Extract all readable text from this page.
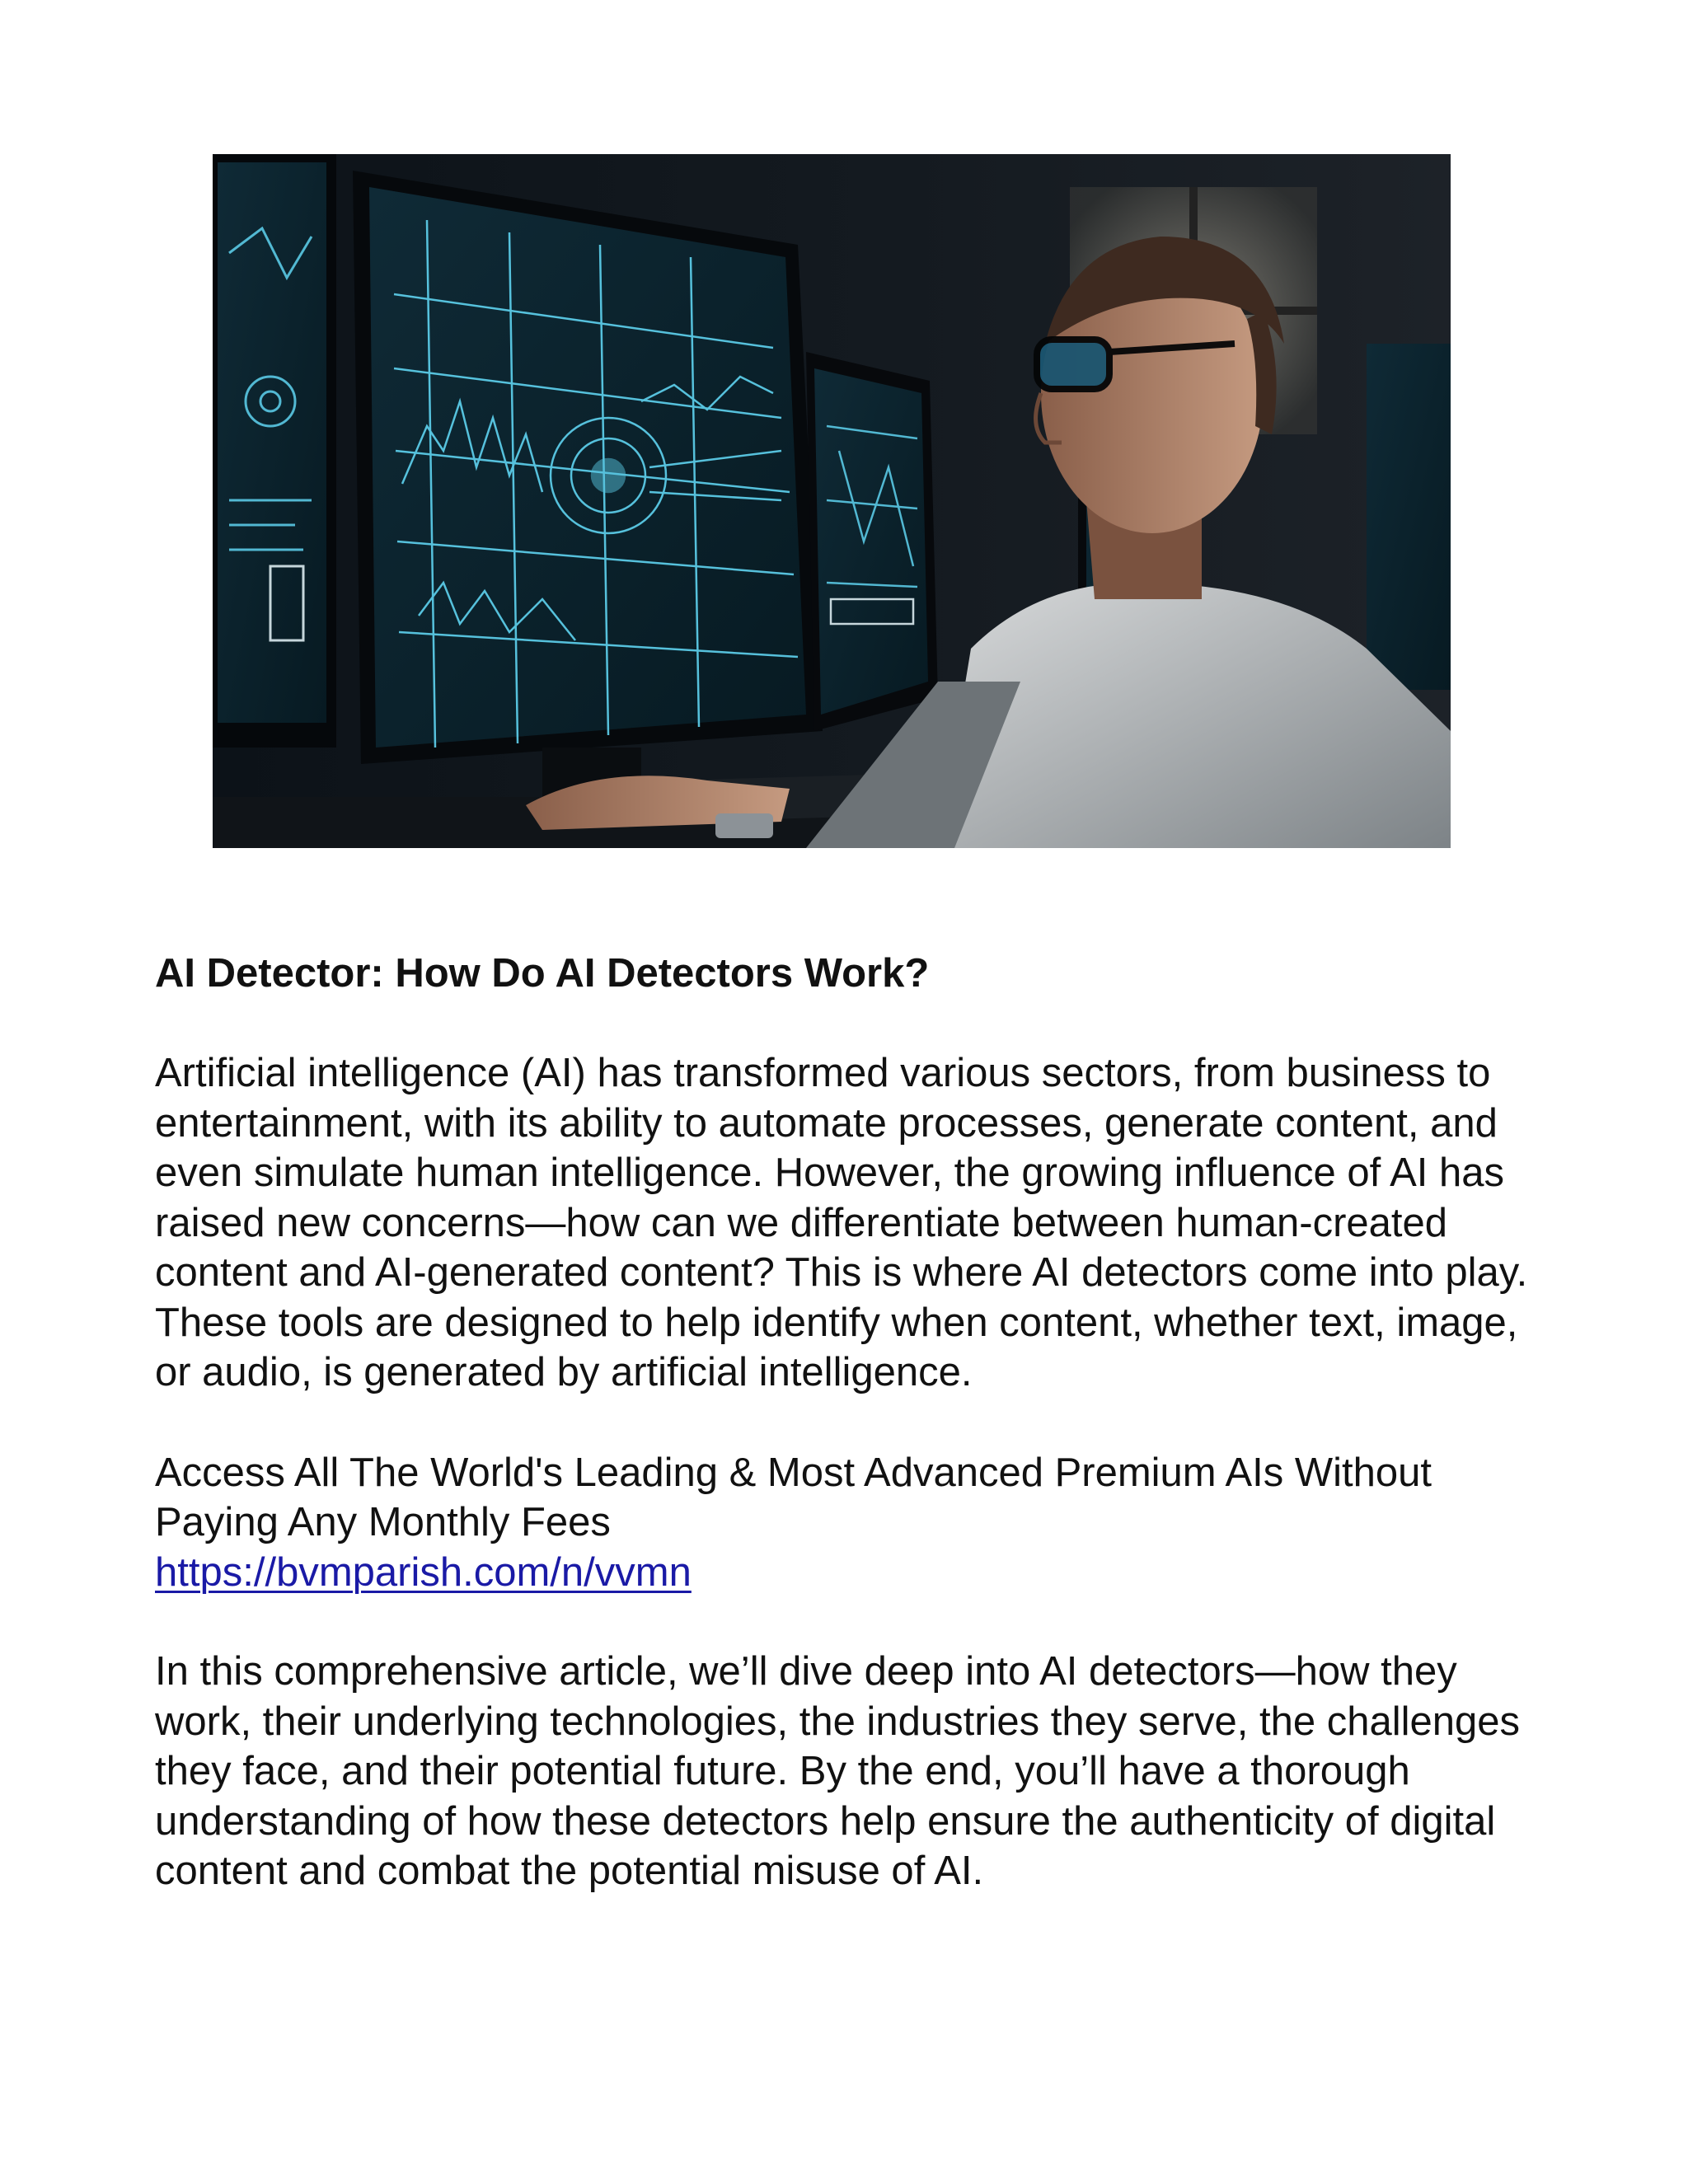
AI Detector: How Do AI Detectors Work?

Artificial intelligence (AI) has transformed various sectors, from business to entertainment, with its ability to automate processes, generate content, and even simulate human intelligence. However, the growing influence of AI has raised new concerns—how can we differentiate between human-created content and AI-generated content? This is where AI detectors come into play. These tools are designed to help identify when content, whether text, image, or audio, is generated by artificial intelligence.

Access All The World's Leading & Most Advanced Premium AIs Without Paying Any Monthly Fees
https://bvmparish.com/n/vvmn

In this comprehensive article, we’ll dive deep into AI detectors—how they work, their underlying technologies, the industries they serve, the challenges they face, and their potential future. By the end, you’ll have a thorough understanding of how these detectors help ensure the authenticity of digital content and combat the potential misuse of AI.
